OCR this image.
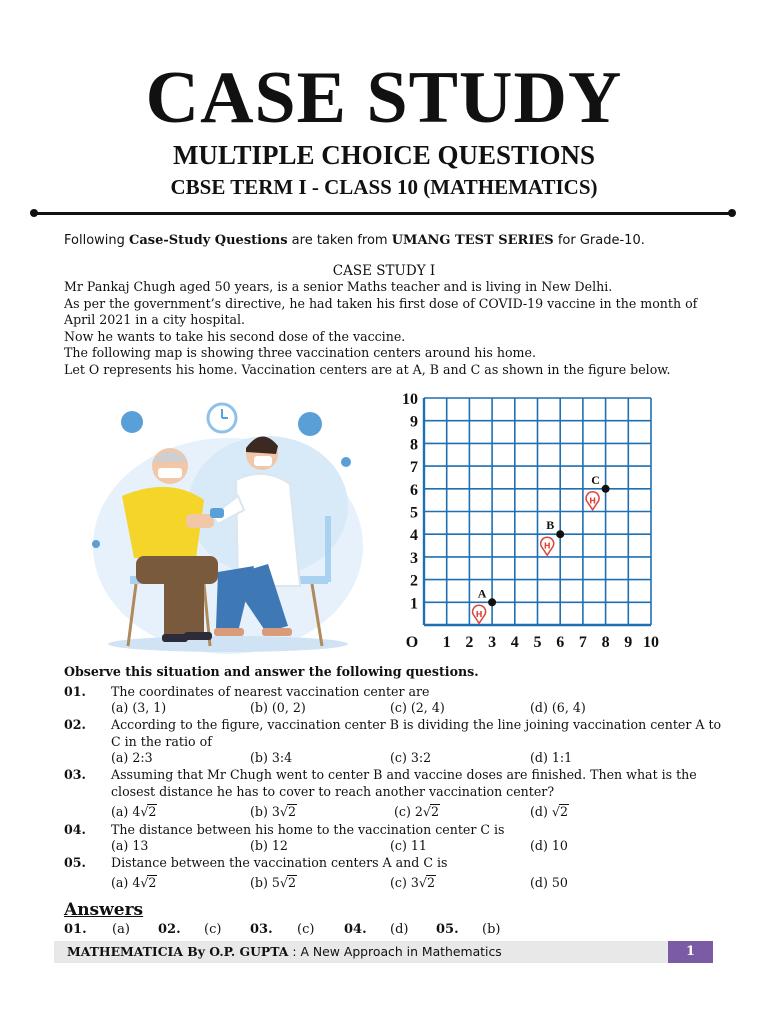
CASE STUDY
MULTIPLE CHOICE QUESTIONS
CBSE TERM I - CLASS 10 (MATHEMATICS)
Following Case-Study Questions are taken from UMANG TEST SERIES for Grade-10.
CASE STUDY I
Mr Pankaj Chugh aged 50 years, is a senior Maths teacher and is living in New Delhi.
As per the government’s directive, he had taken his first dose of COVID-19 vaccine in the month of
April 2021 in a city hospital.
Now he wants to take his second dose of the vaccine.
The following map is showing three vaccination centers around his home.
Let O represents his home. Vaccination centers are at A, B and C as shown in the figure below.
10
9
8
7
6
5
4
3
2
1
O 1 2 3 4 5 6 7 8 9 10
A
H
B
H
C
H
Observe this situation and answer the following questions.
01. The coordinates of nearest vaccination center are
(a) (3, 1)	(b) (0, 2)	(c) (2, 4)	(d) (6, 4)
02. According to the figure, vaccination center B is dividing the line joining vaccination center A to
C in the ratio of
(a) 2:3	(b) 3:4	(c) 3:2	(d) 1:1
03. Assuming that Mr Chugh went to center B and vaccine doses are finished. Then what is the
closest distance he has to cover to reach another vaccination center?
(a) 4√2	(b) 3√2	(c) 2√2	(d) √2
04. The distance between his home to the vaccination center C is
(a) 13	(b) 12	(c) 11	(d) 10
05. Distance between the vaccination centers A and C is
(a) 4√2	(b) 5√2	(c) 3√2	(d) 50
Answers
01. (a) 02. (c) 03. (c) 04. (d) 05. (b)
MATHEMATICIA By O.P. GUPTA : A New Approach in Mathematics	1
